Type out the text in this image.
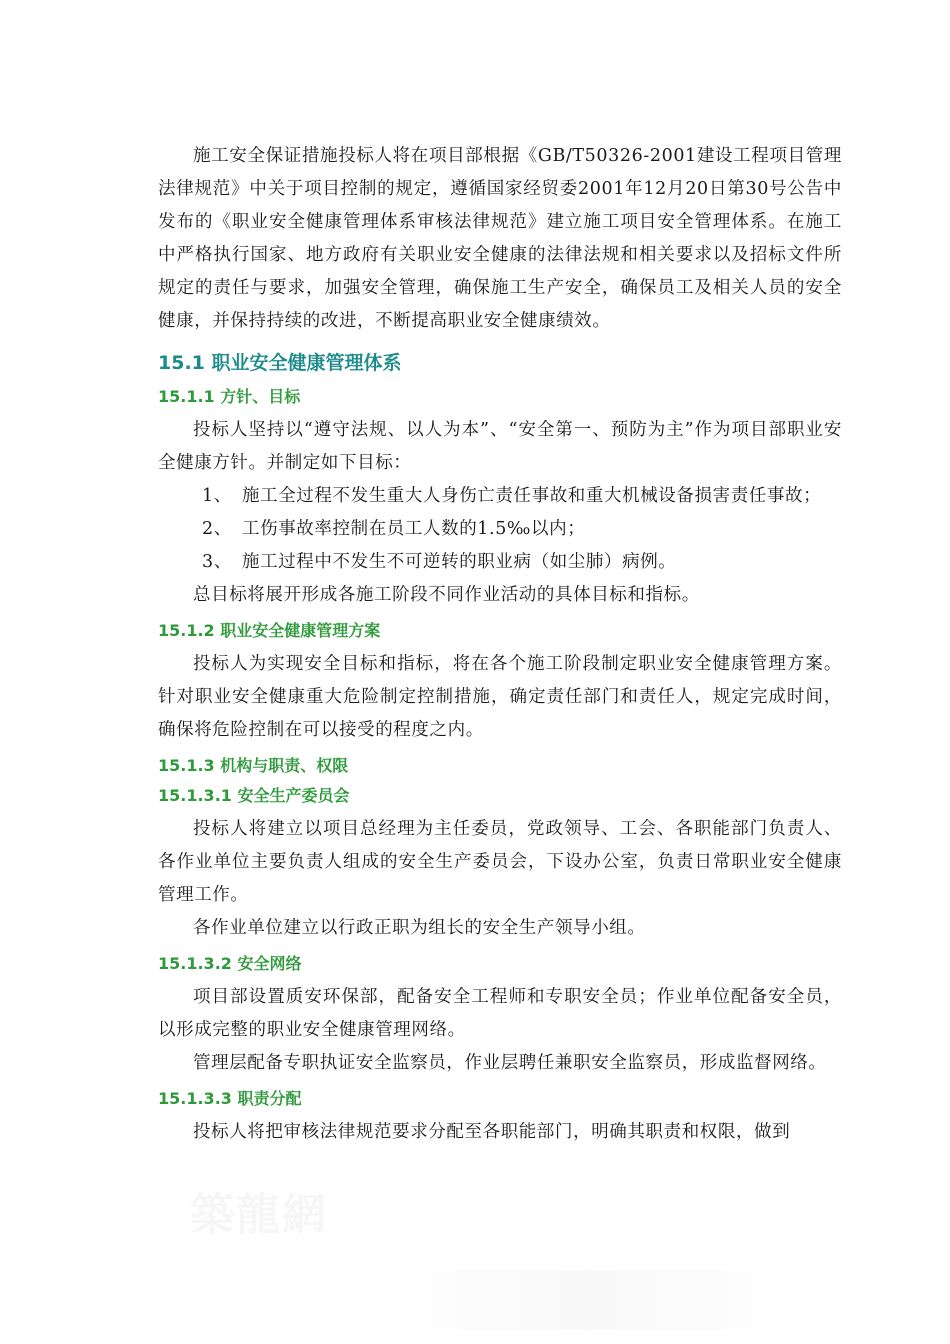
施工安全保证措施投标人将在项目部根据《GB/T50326-2001建设工程项目管理法律规范》中关于项目控制的规定，遵循国家经贸委2001年12月20日第30号公告中发布的《职业安全健康管理体系审核法律规范》建立施工项目安全管理体系。在施工中严格执行国家、地方政府有关职业安全健康的法律法规和相关要求以及招标文件所规定的责任与要求，加强安全管理，确保施工生产安全，确保员工及相关人员的安全健康，并保持持续的改进，不断提高职业安全健康绩效。

15.1 职业安全健康管理体系
15.1.1 方针、目标

投标人坚持以“遵守法规、以人为本”、“安全第一、预防为主”作为项目部职业安全健康方针。并制定如下目标：

1、 施工全过程不发生重大人身伤亡责任事故和重大机械设备损害责任事故；

2、 工伤事故率控制在员工人数的1.5‰以内；

3、 施工过程中不发生不可逆转的职业病（如尘肺）病例。

总目标将展开形成各施工阶段不同作业活动的具体目标和指标。

15.1.2 职业安全健康管理方案

投标人为实现安全目标和指标，将在各个施工阶段制定职业安全健康管理方案。针对职业安全健康重大危险制定控制措施，确定责任部门和责任人，规定完成时间，确保将危险控制在可以接受的程度之内。

15.1.3 机构与职责、权限
15.1.3.1 安全生产委员会

投标人将建立以项目总经理为主任委员，党政领导、工会、各职能部门负责人、各作业单位主要负责人组成的安全生产委员会，下设办公室，负责日常职业安全健康管理工作。

各作业单位建立以行政正职为组长的安全生产领导小组。

15.1.3.2 安全网络

项目部设置质安环保部，配备安全工程师和专职安全员；作业单位配备安全员，以形成完整的职业安全健康管理网络。

管理层配备专职执证安全监察员，作业层聘任兼职安全监察员，形成监督网络。

15.1.3.3 职责分配

投标人将把审核法律规范要求分配至各职能部门，明确其职责和权限，做到

築龍網
